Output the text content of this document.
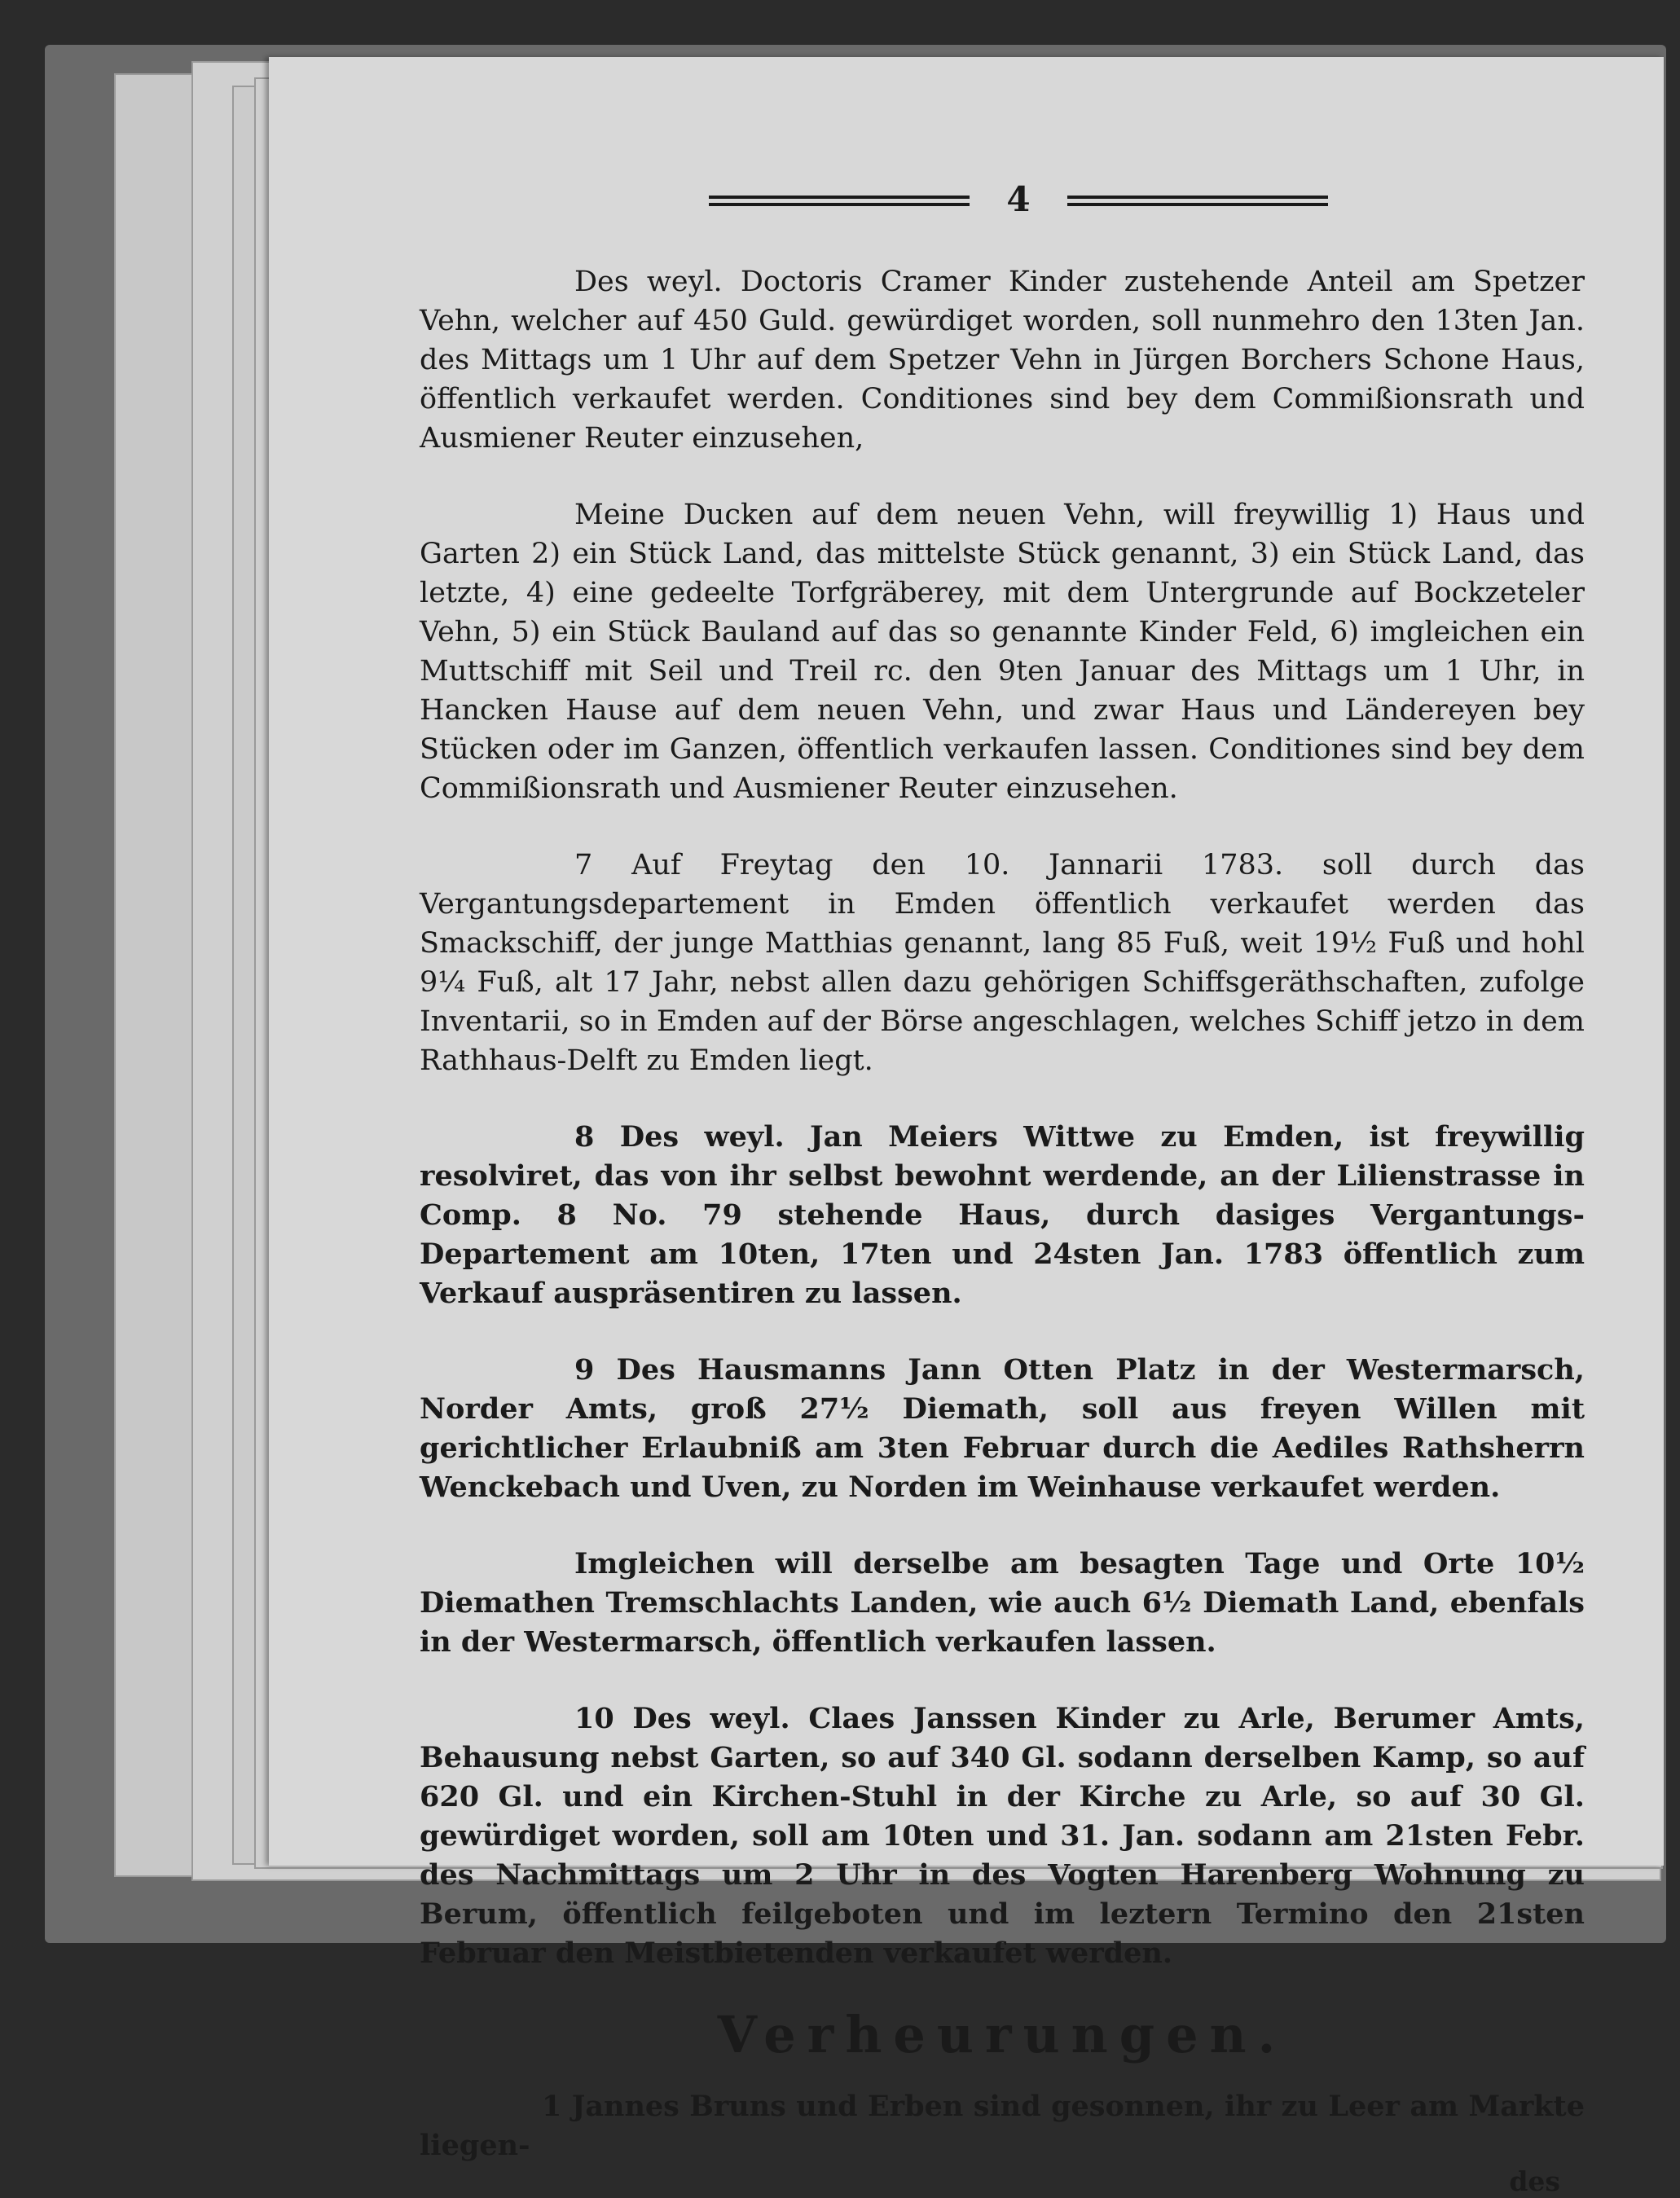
4

Des weyl. Doctoris Cramer Kinder zustehende Anteil am Spetzer Vehn, welcher auf 450 Guld. gewürdiget worden, soll nunmehro den 13ten Jan. des Mittags um 1 Uhr auf dem Spetzer Vehn in Jürgen Borchers Schone Haus, öffentlich verkaufet werden. Conditiones sind bey dem Commißionsrath und Ausmiener Reuter einzusehen,

Meine Ducken auf dem neuen Vehn, will freywillig 1) Haus und Garten 2) ein Stück Land, das mittelste Stück genannt, 3) ein Stück Land, das letzte, 4) eine gedeelte Torfgräberey, mit dem Untergrunde auf Bockzeteler Vehn, 5) ein Stück Bauland auf das so genannte Kinder Feld, 6) imgleichen ein Muttschiff mit Seil und Treil rc. den 9ten Januar des Mittags um 1 Uhr, in Hancken Hause auf dem neuen Vehn, und zwar Haus und Ländereyen bey Stücken oder im Ganzen, öffentlich verkaufen lassen. Conditiones sind bey dem Commißionsrath und Ausmiener Reuter einzusehen.

7 Auf Freytag den 10. Jannarii 1783. soll durch das Vergantungsdepartement in Emden öffentlich verkaufet werden das Smackschiff, der junge Matthias genannt, lang 85 Fuß, weit 19½ Fuß und hohl 9¼ Fuß, alt 17 Jahr, nebst allen dazu gehörigen Schiffsgeräthschaften, zufolge Inventarii, so in Emden auf der Börse angeschlagen, welches Schiff jetzo in dem Rathhaus-Delft zu Emden liegt.

8 Des weyl. Jan Meiers Wittwe zu Emden, ist freywillig resolviret, das von ihr selbst bewohnt werdende, an der Lilienstrasse in Comp. 8 No. 79 stehende Haus, durch dasiges Vergantungs-Departement am 10ten, 17ten und 24sten Jan. 1783 öffentlich zum Verkauf auspräsentiren zu lassen.

9 Des Hausmanns Jann Otten Platz in der Westermarsch, Norder Amts, groß 27½ Diemath, soll aus freyen Willen mit gerichtlicher Erlaubniß am 3ten Februar durch die Aediles Rathsherrn Wenckebach und Uven, zu Norden im Weinhause verkaufet werden.

Imgleichen will derselbe am besagten Tage und Orte 10½ Diemathen Tremschlachts Landen, wie auch 6½ Diemath Land, ebenfals in der Westermarsch, öffentlich verkaufen lassen.

10 Des weyl. Claes Janssen Kinder zu Arle, Berumer Amts, Behausung nebst Garten, so auf 340 Gl. sodann derselben Kamp, so auf 620 Gl. und ein Kirchen-Stuhl in der Kirche zu Arle, so auf 30 Gl. gewürdiget worden, soll am 10ten und 31. Jan. sodann am 21sten Febr. des Nachmittags um 2 Uhr in des Vogten Harenberg Wohnung zu Berum, öffentlich feilgeboten und im leztern Termino den 21sten Februar den Meistbietenden verkaufet werden.

Verheurungen.

1 Jannes Bruns und Erben sind gesonnen, ihr zu Leer am Markte liegen-

des
